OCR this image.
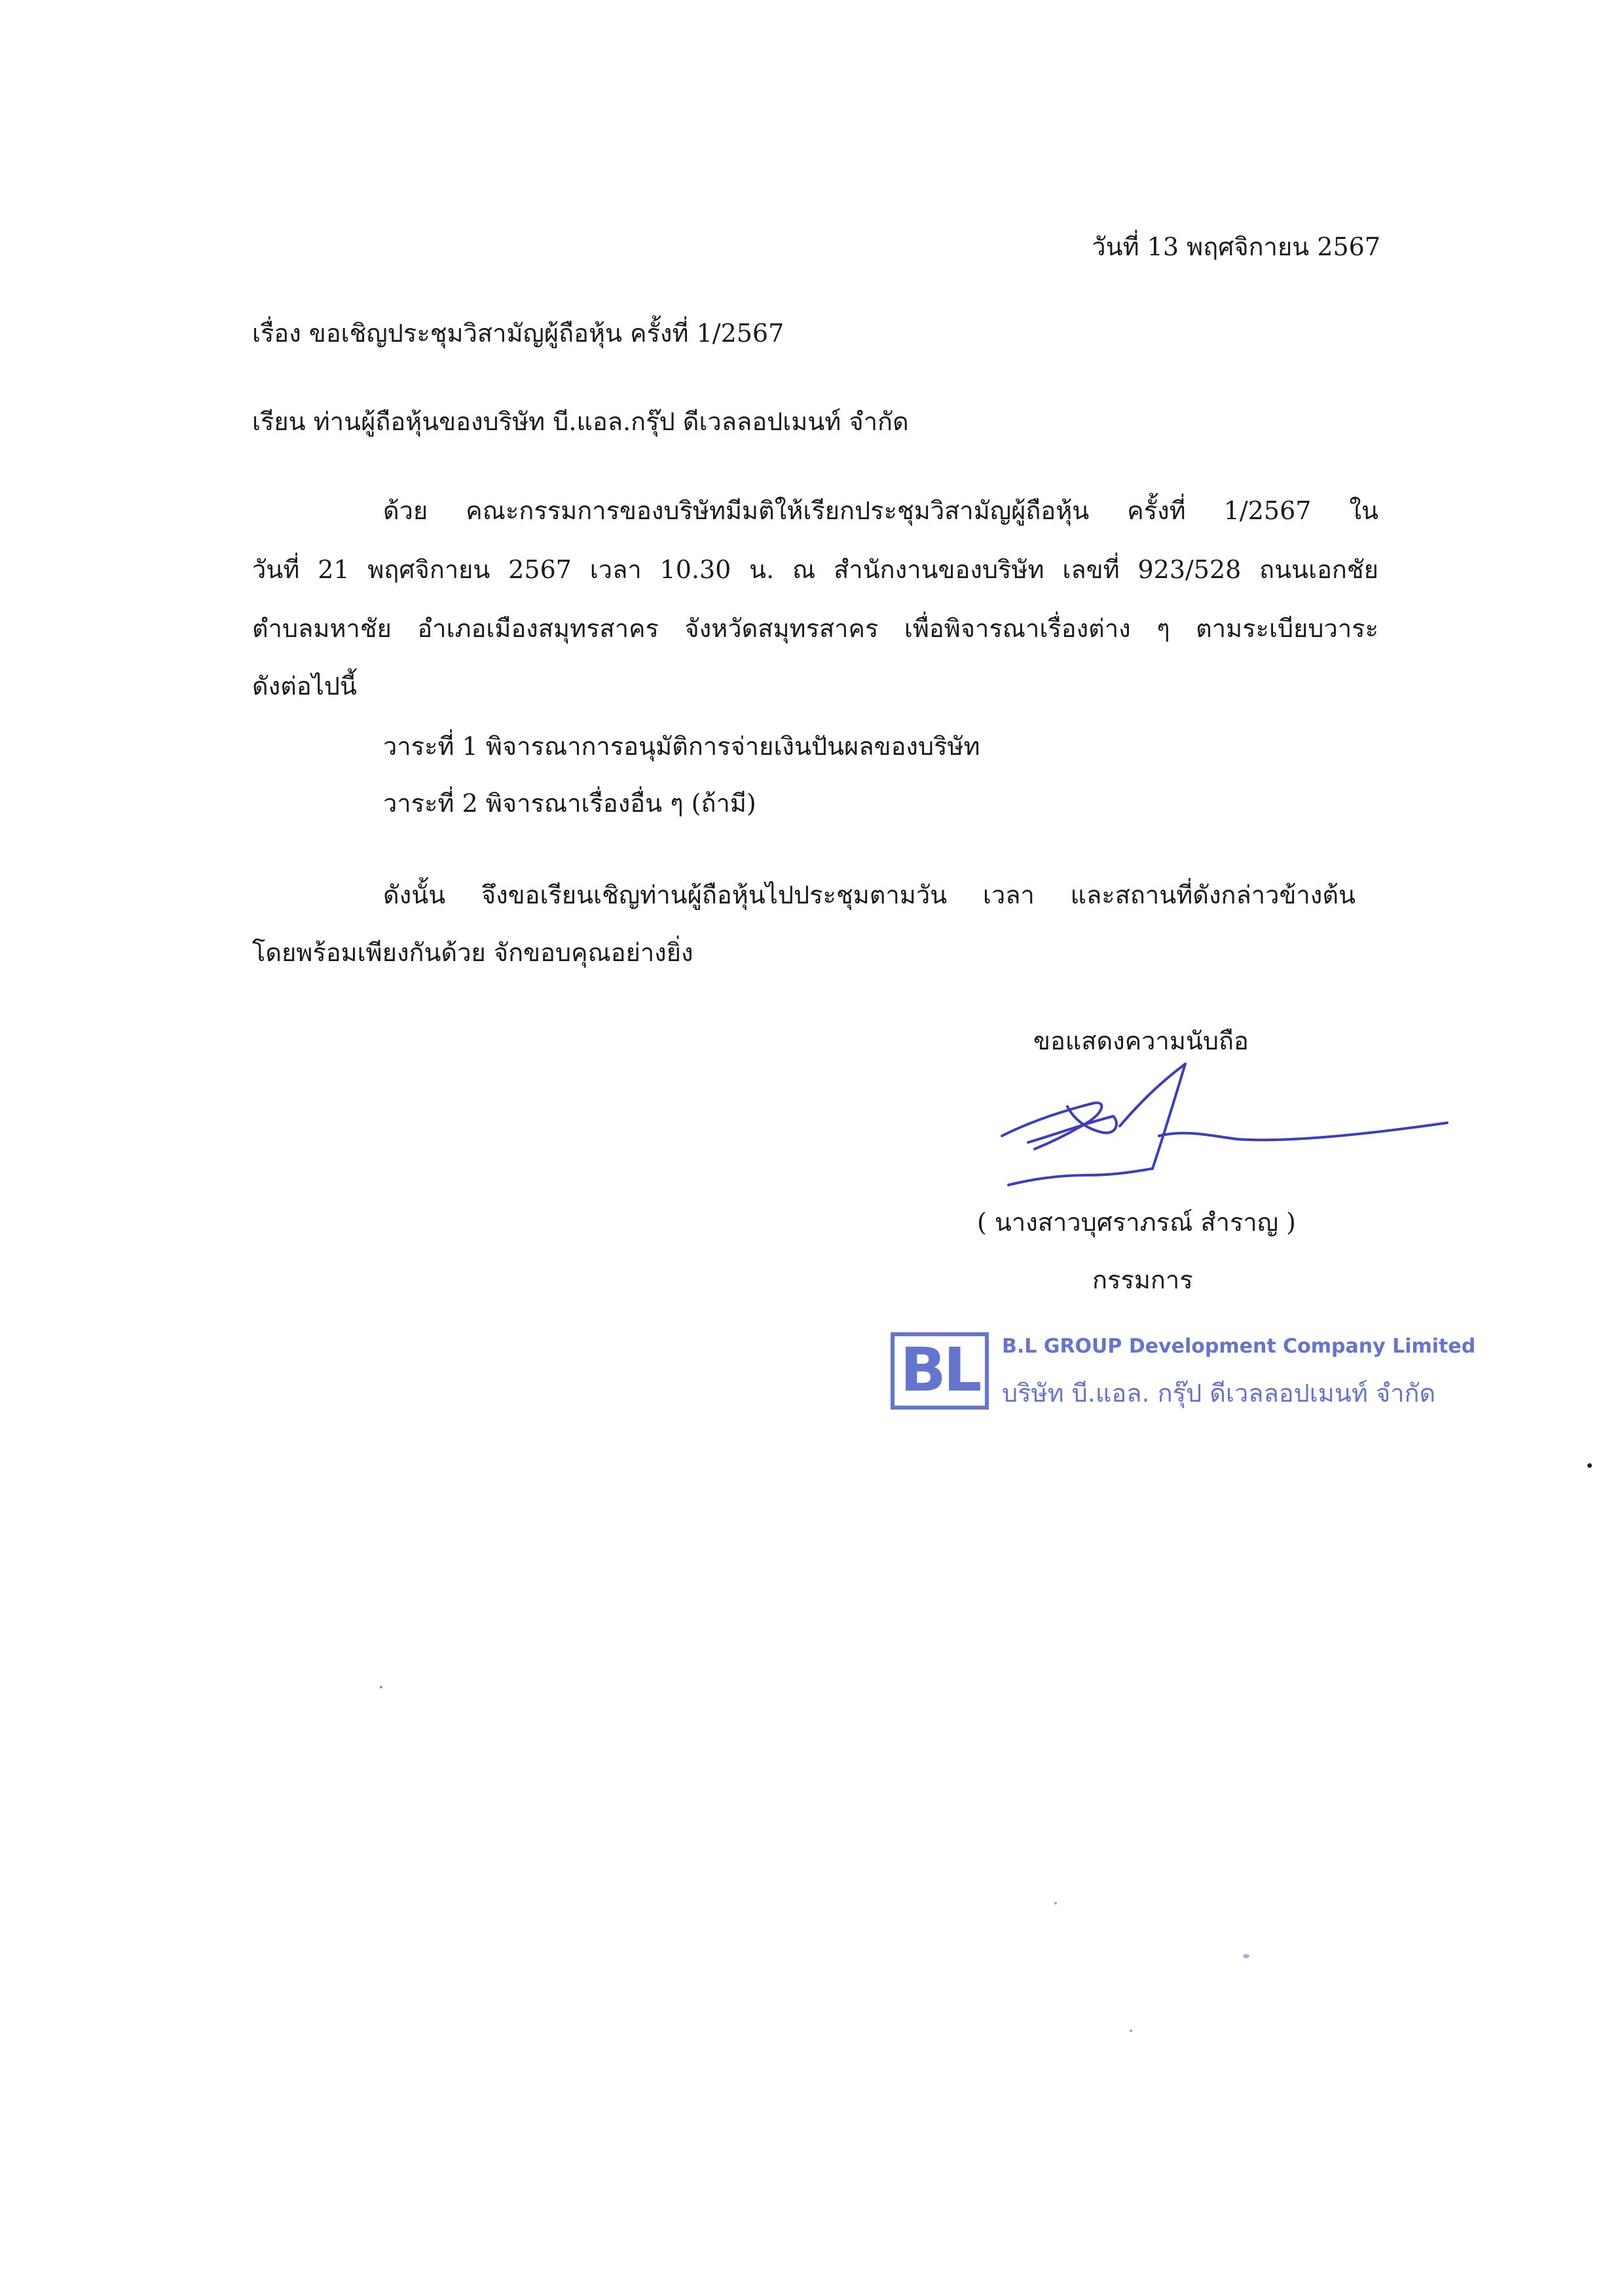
วันที่ 13 พฤศจิกายน 2567
เรื่อง ขอเชิญประชุมวิสามัญผู้ถือหุ้น ครั้งที่ 1/2567
เรียน ท่านผู้ถือหุ้นของบริษัท บี.แอล.กรุ๊ป ดีเวลลอปเมนท์ จำกัด
ด้วย คณะกรรมการของบริษัทมีมติให้เรียกประชุมวิสามัญผู้ถือหุ้น ครั้งที่ 1/2567 ใน
วันที่ 21 พฤศจิกายน 2567 เวลา 10.30 น. ณ สำนักงานของบริษัท เลขที่ 923/528 ถนนเอกชัย
ตำบลมหาชัย อำเภอเมืองสมุทรสาคร จังหวัดสมุทรสาคร เพื่อพิจารณาเรื่องต่าง ๆ ตามระเบียบวาระ
ดังต่อไปนี้
วาระที่ 1 พิจารณาการอนุมัติการจ่ายเงินปันผลของบริษัท
วาระที่ 2 พิจารณาเรื่องอื่น ๆ (ถ้ามี)
ดังนั้น จึงขอเรียนเชิญท่านผู้ถือหุ้นไปประชุมตามวัน เวลา และสถานที่ดังกล่าวข้างต้น
โดยพร้อมเพียงกันด้วย จักขอบคุณอย่างยิ่ง
ขอแสดงความนับถือ
( นางสาวบุศราภรณ์ สำราญ )
กรรมการ
BL	B.L GROUP Development Company Limited
บริษัท บี.แอล. กรุ๊ป ดีเวลลอปเมนท์ จำกัด
